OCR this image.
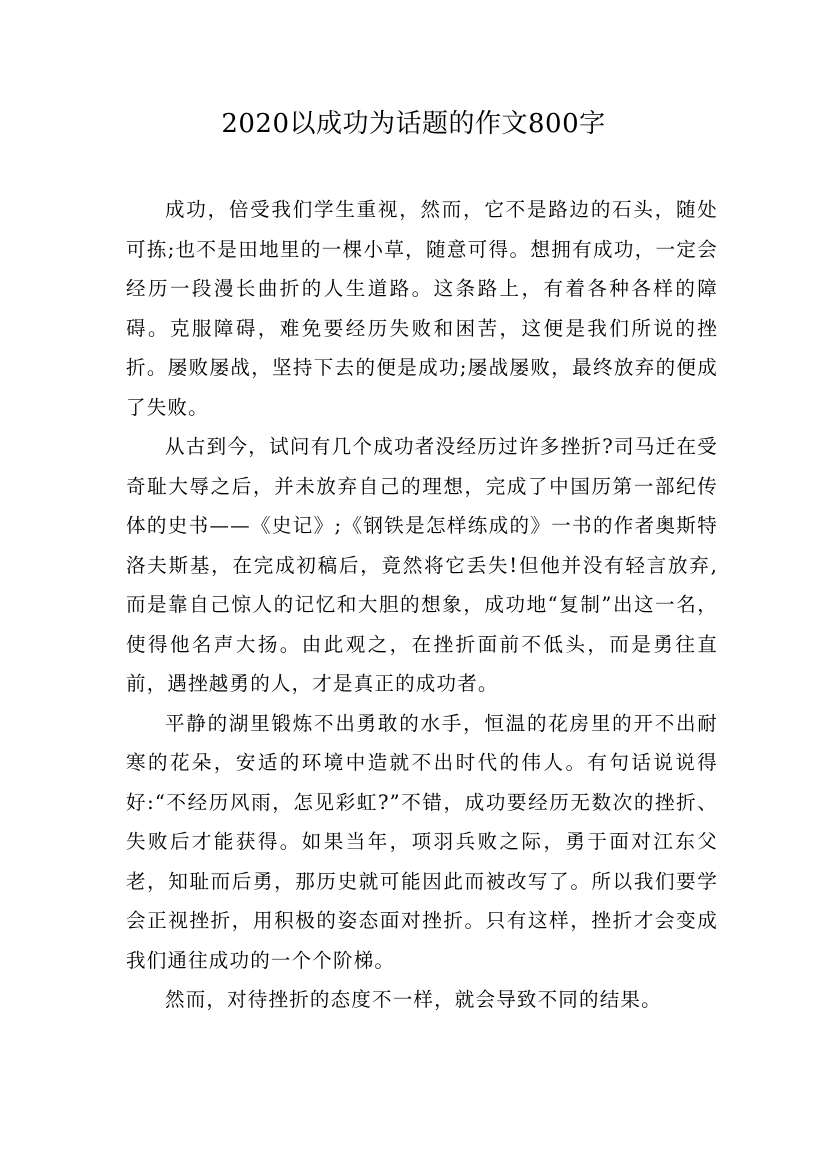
2020以成功为话题的作文800字

成功，倍受我们学生重视，然而，它不是路边的石头，随处可拣;也不是田地里的一棵小草，随意可得。想拥有成功，一定会经历一段漫长曲折的人生道路。这条路上，有着各种各样的障碍。克服障碍，难免要经历失败和困苦，这便是我们所说的挫折。屡败屡战，坚持下去的便是成功;屡战屡败，最终放弃的便成了失败。

从古到今，试问有几个成功者没经历过许多挫折?司马迁在受奇耻大辱之后，并未放弃自己的理想，完成了中国历第一部纪传体的史书——《史记》;《钢铁是怎样练成的》一书的作者奥斯特洛夫斯基，在完成初稿后，竟然将它丢失!但他并没有轻言放弃,而是靠自己惊人的记忆和大胆的想象，成功地“复制”出这一名，使得他名声大扬。由此观之，在挫折面前不低头，而是勇往直前，遇挫越勇的人，才是真正的成功者。

平静的湖里锻炼不出勇敢的水手，恒温的花房里的开不出耐寒的花朵，安适的环境中造就不出时代的伟人。有句话说说得好:“不经历风雨，怎见彩虹?”不错，成功要经历无数次的挫折、失败后才能获得。如果当年，项羽兵败之际，勇于面对江东父老，知耻而后勇，那历史就可能因此而被改写了。所以我们要学会正视挫折，用积极的姿态面对挫折。只有这样，挫折才会变成我们通往成功的一个个阶梯。

然而，对待挫折的态度不一样，就会导致不同的结果。
